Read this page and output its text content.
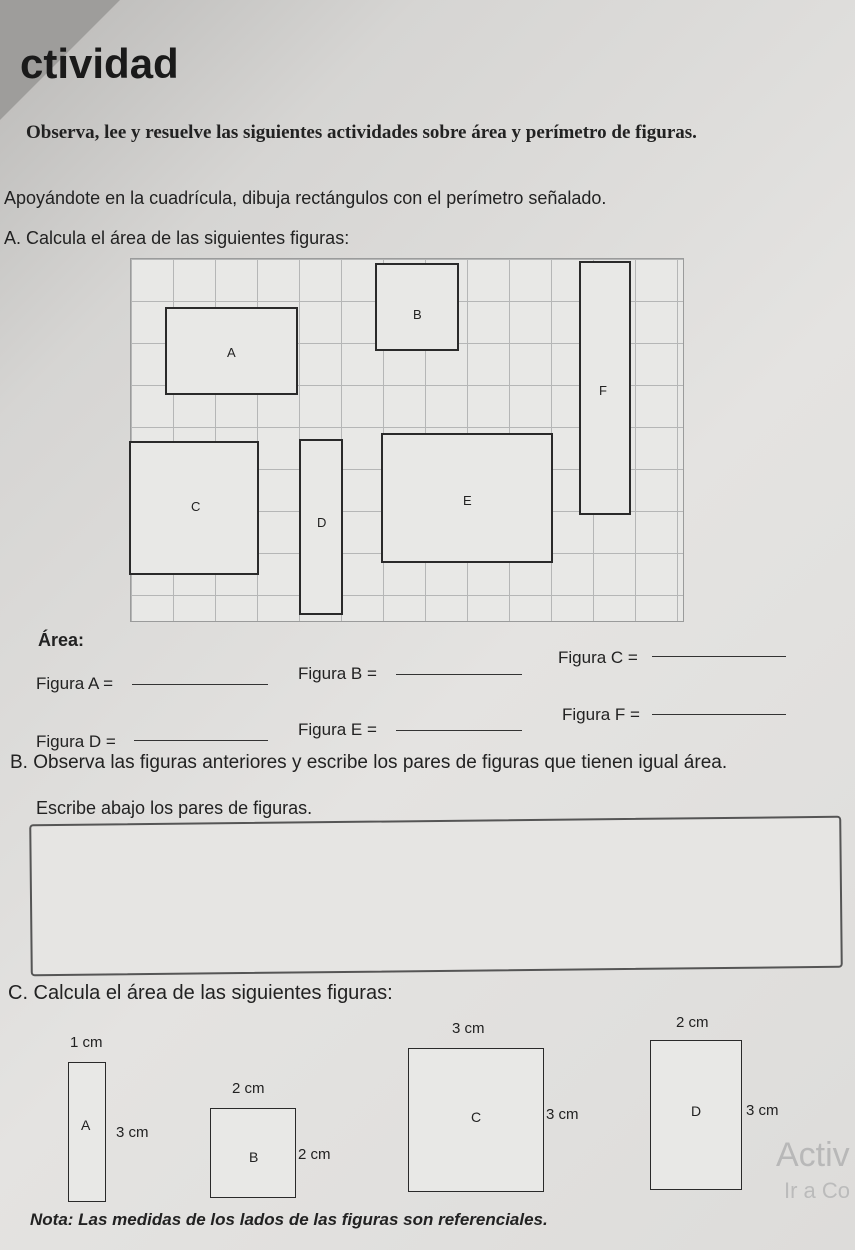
ctividad
Observa, lee y resuelve las siguientes actividades sobre área y perímetro de figuras.
Apoyándote en la cuadrícula, dibuja rectángulos con el perímetro señalado.
A. Calcula el área de las siguientes figuras:
A
B
F
C
D
E
Área:
Figura A =
Figura B =
Figura C =
Figura D =
Figura E =
Figura F =
B. Observa las figuras anteriores y escribe los pares de figuras que tienen igual área.
Escribe abajo los pares de figuras.
C. Calcula el área de las siguientes figuras:
1 cm
A 3 cm
2 cm
B	2 cm
3 cm
C	3 cm
2 cm
D	3 cm
Nota: Las medidas de los lados de las figuras son referenciales.
Activ
Ir a Co
